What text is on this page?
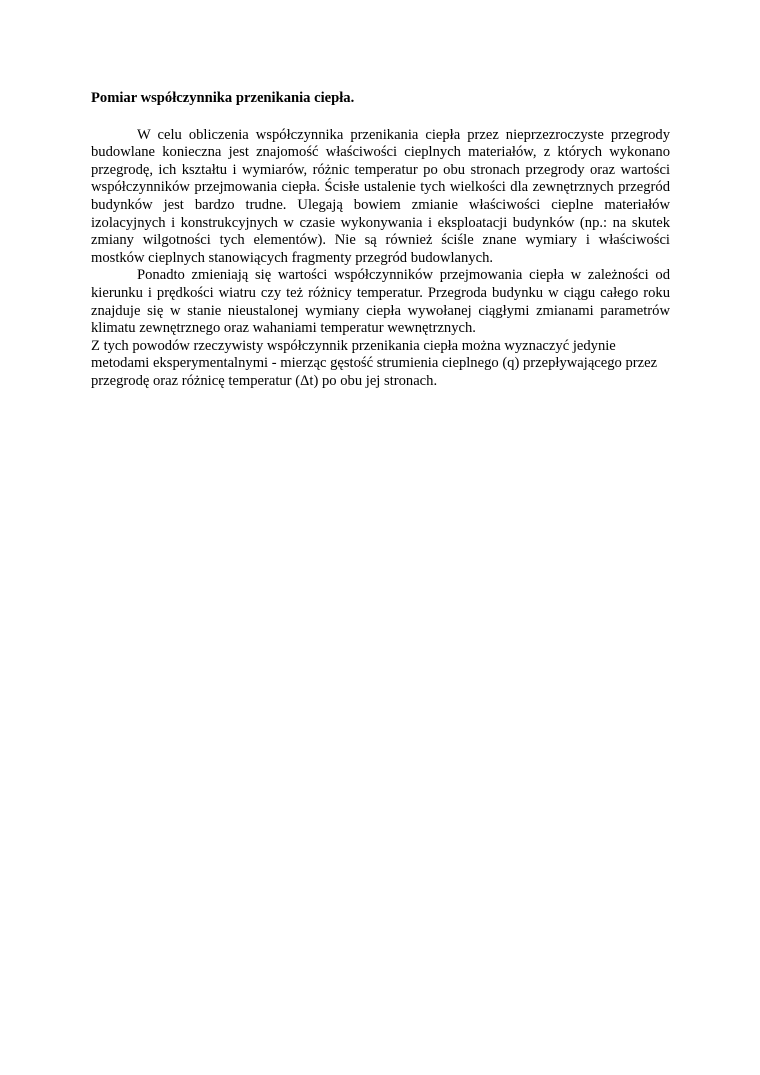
Pomiar współczynnika przenikania ciepła.

W celu obliczenia współczynnika przenikania ciepła przez nieprzezroczyste przegrody budowlane konieczna jest znajomość właściwości cieplnych materiałów, z których wykonano przegrodę, ich kształtu i wymiarów, różnic temperatur po obu stronach przegrody oraz wartości współczynników przejmowania ciepła. Ścisłe ustalenie tych wielkości dla zewnętrznych przegród budynków jest bardzo trudne. Ulegają bowiem zmianie właściwości cieplne materiałów izolacyjnych i konstrukcyjnych w czasie wykonywania i eksploatacji budynków (np.: na skutek zmiany wilgotności tych elementów). Nie są również ściśle znane wymiary i właściwości mostków cieplnych stanowiących fragmenty przegród budowlanych.

Ponadto zmieniają się wartości współczynników przejmowania ciepła w zależności od kierunku i prędkości wiatru czy też różnicy temperatur. Przegroda budynku w ciągu całego roku znajduje się w stanie nieustalonej wymiany ciepła wywołanej ciągłymi zmianami parametrów klimatu zewnętrznego oraz wahaniami temperatur wewnętrznych.

Z tych powodów rzeczywisty współczynnik przenikania ciepła można wyznaczyć jedynie metodami eksperymentalnymi - mierząc gęstość strumienia cieplnego (q) przepływającego przez przegrodę oraz różnicę temperatur (Δt) po obu jej stronach.
